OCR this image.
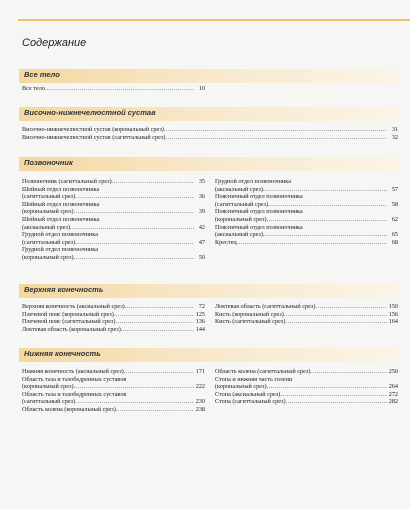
Содержание
Все тело
Все тело .....	10
Височно-нижнечелюстной сустав
Височно-нижнечелюстной сустав (корональный срез) .....	31
Височно-нижнечелюстной сустав (сагиттальный срез) .....	32
Позвоночник
Позвоночник (сагиттальный срез) .....	35
Шейный отдел позвоночника
(сагиттальный срез) .....	36
Шейный отдел позвоночника
(корональный срез) .....	39
Шейный отдел позвоночника
(аксиальный срез) .....	42
Грудной отдел позвоночника
(сагиттальный срез) .....	47
Грудной отдел позвоночника
(корональный срез) .....	50
Грудной отдел позвоночника
(аксиальный срез) .....	57
Поясничный отдел позвоночника
(сагиттальный срез) .....	58
Поясничный отдел позвоночника
(корональный срез) .....	62
Поясничный отдел позвоночника
(аксиальный срез) .....	65
Крестец .....	68
Верхняя конечность
Верхняя конечность (аксиальный срез) .....	72
Плечевой пояс (корональный срез) .....	125
Плечевой пояс (сагиттальный срез) .....	136
Локтевая область (корональный срез) .....	144
Локтевая область (сагиттальный срез) .....	150
Кисть (корональный срез) .....	156
Кисть (сагиттальный срез) .....	164
Нижняя конечность
Нижняя конечность (аксиальный срез) .....	171
Область таза и тазобедренных суставов
(корональный срез) .....	222
Область таза и тазобедренных суставов
(сагиттальный срез) .....	230
Область колена (корональный срез) .....	238
Область колена (сагиттальный срез) .....	250
Стопа и нижняя часть голени
(корональный срез) .....	264
Стопа (аксиальный срез) .....	272
Стопа (сагиттальный срез) .....	282
